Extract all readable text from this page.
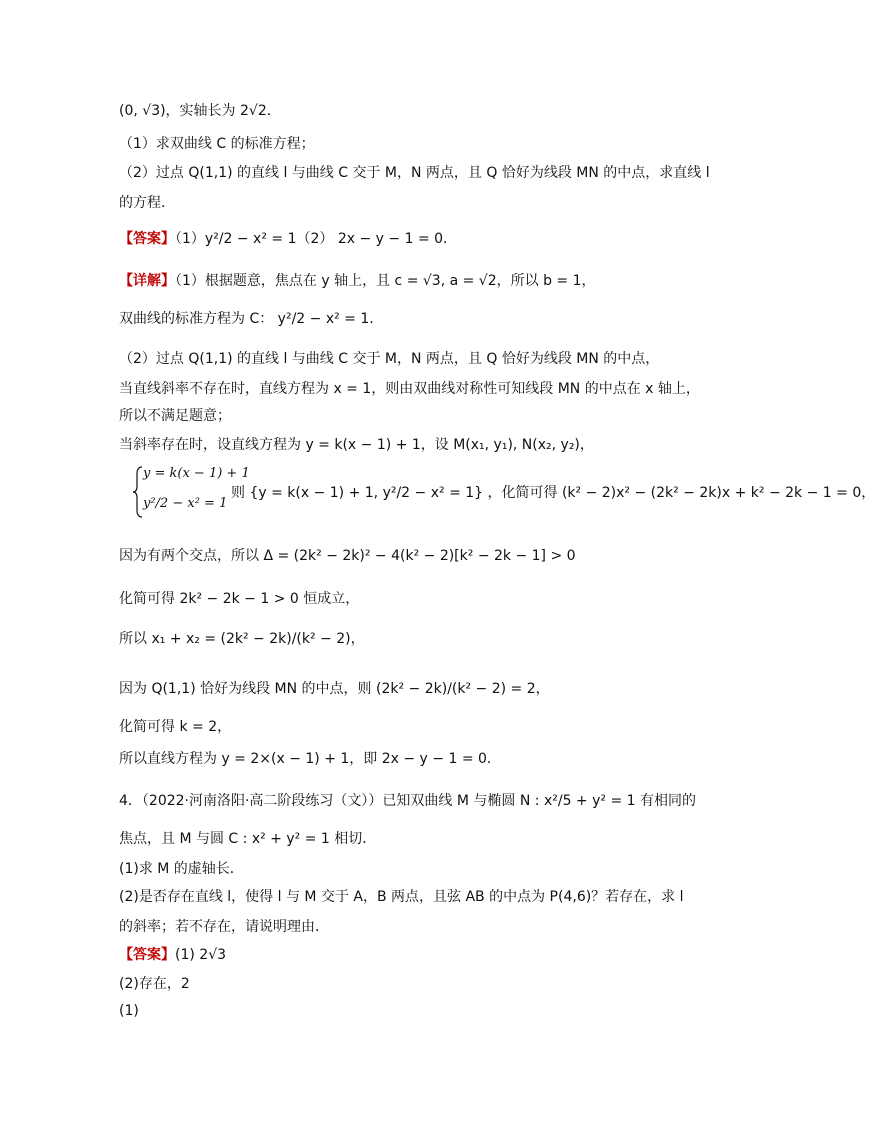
(0, √3)，实轴长为 2√2．
（1）求双曲线 C 的标准方程；
（2）过点 Q(1,1) 的直线 l 与曲线 C 交于 M，N 两点，且 Q 恰好为线段 MN 的中点，求直线 l
的方程．
【答案】（1）y²/2 − x² = 1（2） 2x − y − 1 = 0．
【详解】（1）根据题意，焦点在 y 轴上，且 c = √3, a = √2，所以 b = 1，
双曲线的标准方程为 C： y²/2 − x² = 1．
（2）过点 Q(1,1) 的直线 l 与曲线 C 交于 M，N 两点，且 Q 恰好为线段 MN 的中点，
当直线斜率不存在时，直线方程为 x = 1，则由双曲线对称性可知线段 MN 的中点在 x 轴上，
所以不满足题意；
当斜率存在时，设直线方程为 y = k(x − 1) + 1，设 M(x₁, y₁), N(x₂, y₂)，
y = k(x − 1) + 1
y²/2 − x² = 1
则 {y = k(x − 1) + 1, y²/2 − x² = 1} ，化简可得 (k² − 2)x² − (2k² − 2k)x + k² − 2k − 1 = 0，
因为有两个交点，所以 Δ = (2k² − 2k)² − 4(k² − 2)[k² − 2k − 1] > 0
化简可得 2k² − 2k − 1 > 0 恒成立，
所以 x₁ + x₂ = (2k² − 2k)/(k² − 2)，
因为 Q(1,1) 恰好为线段 MN 的中点，则 (2k² − 2k)/(k² − 2) = 2，
化简可得 k = 2，
所以直线方程为 y = 2×(x − 1) + 1，即 2x − y − 1 = 0．
4．（2022·河南洛阳·高二阶段练习（文））已知双曲线 M 与椭圆 N : x²/5 + y² = 1 有相同的
焦点，且 M 与圆 C : x² + y² = 1 相切．
(1)求 M 的虚轴长．
(2)是否存在直线 l，使得 l 与 M 交于 A，B 两点，且弦 AB 的中点为 P(4,6)？若存在，求 l
的斜率；若不存在，请说明理由．
【答案】(1) 2√3
(2)存在，2
(1)
